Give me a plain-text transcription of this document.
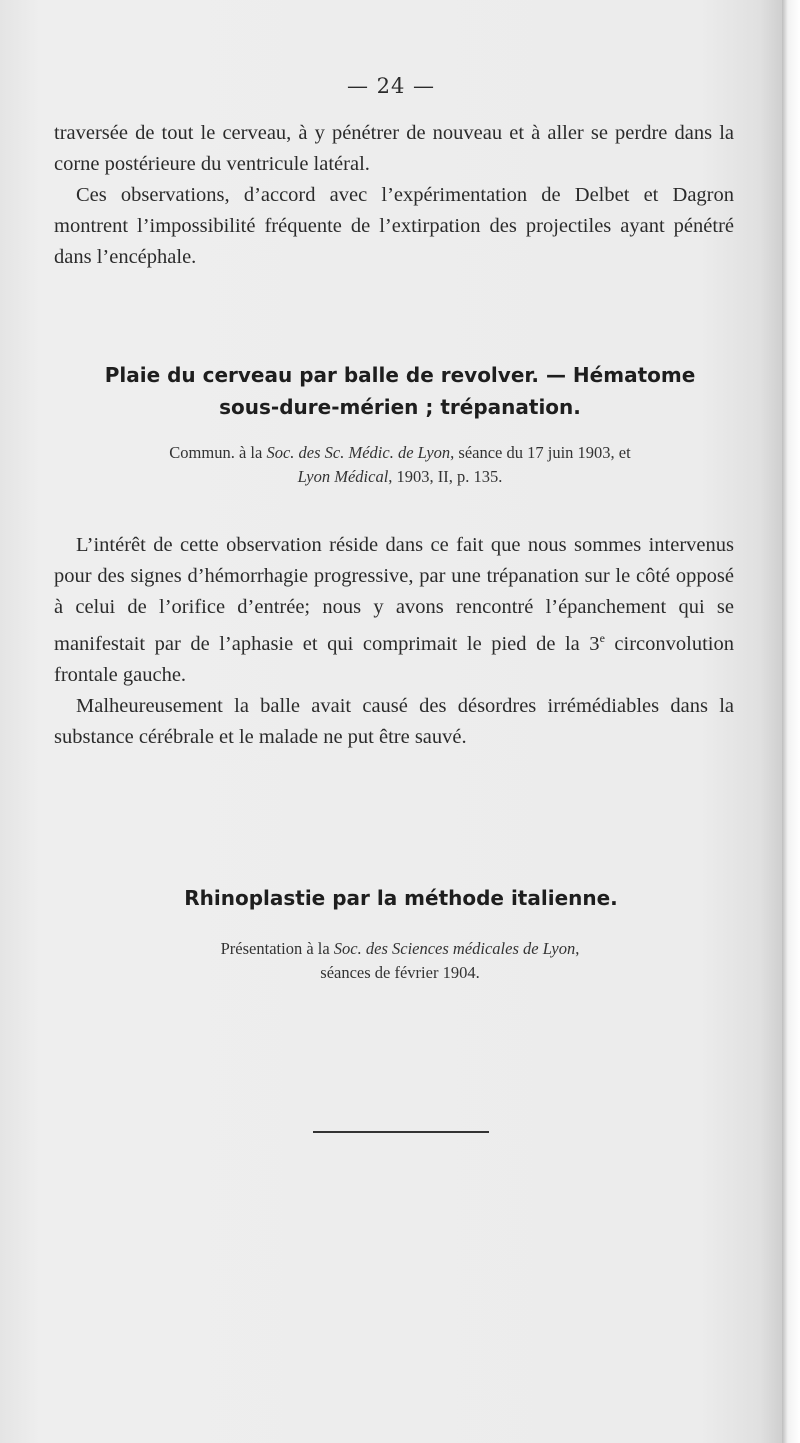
— 24 —

traversée de tout le cerveau, à y pénétrer de nouveau et à aller se perdre dans la corne postérieure du ventricule latéral.

Ces observations, d’accord avec l’expérimentation de Delbet et Dagron montrent l’impossibilité fréquente de l’extirpation des projectiles ayant pénétré dans l’encéphale.

Plaie du cerveau par balle de revolver. — Hématome
sous-dure-mérien ; trépanation.
Commun. à la Soc. des Sc. Médic. de Lyon, séance du 17 juin 1903, et
Lyon Médical, 1903, II, p. 135.

L’intérêt de cette observation réside dans ce fait que nous sommes intervenus pour des signes d’hémorrhagie progressive, par une trépanation sur le côté opposé à celui de l’orifice d’entrée; nous y avons rencontré l’épanchement qui se manifestait par de l’aphasie et qui comprimait le pied de la 3e circonvolution frontale gauche.

Malheureusement la balle avait causé des désordres irrémédiables dans la substance cérébrale et le malade ne put être sauvé.

Rhinoplastie par la méthode italienne.
Présentation à la Soc. des Sciences médicales de Lyon,
séances de février 1904.
